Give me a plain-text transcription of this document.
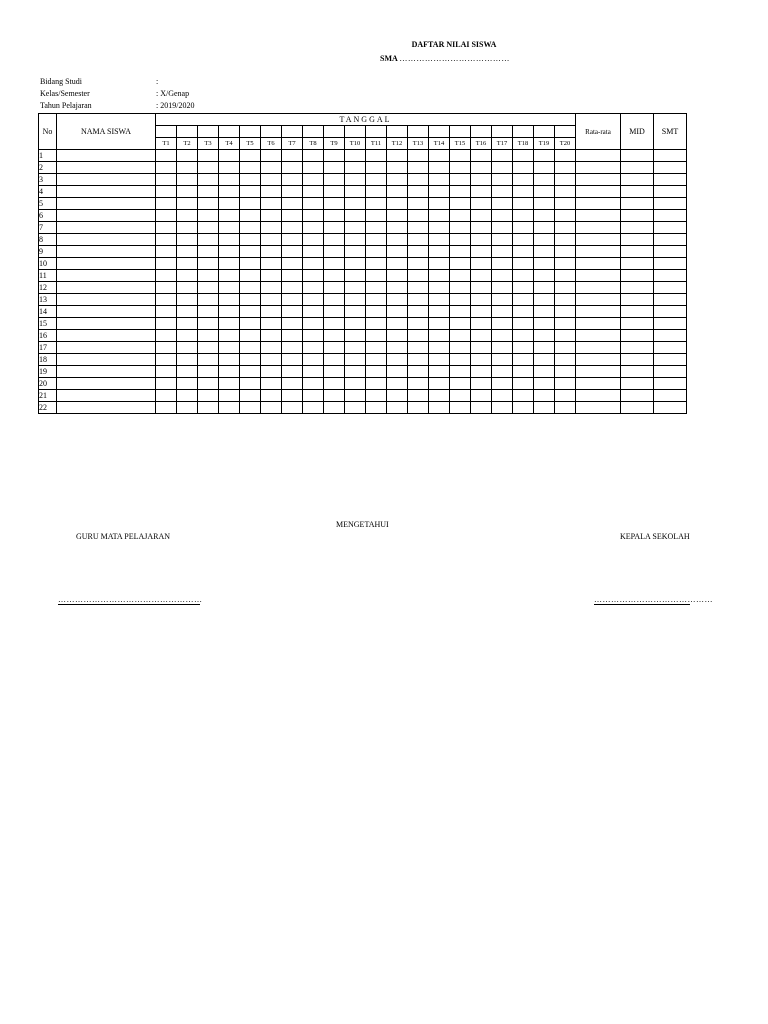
DAFTAR NILAI SISWA
SMA …………………………………
Bidang Studi	:
Kelas/Semester	: X/Genap
Tahun Pelajaran	: 2019/2020
No	NAMA SISWA	TANGGAL																				Rata-rata	MID	SMT

		T1	T2	T3	T4	T5	T6	T7	T8	T9	T10	T11	T12	T13	T14	T15	T16	T17	T18	T19	T20			
1																								
2																								
3																								
4																								
5																								
6																								
7																								
8																								
9																								
10																								
11																								
12																								
13																								
14																								
15																								
16																								
17																								
18																								
19																								
20																								
21																								
22																								
MENGETAHUI
GURU MATA PELAJARAN	KEPALA SEKOLAH
……………………………………………	……………………………………
